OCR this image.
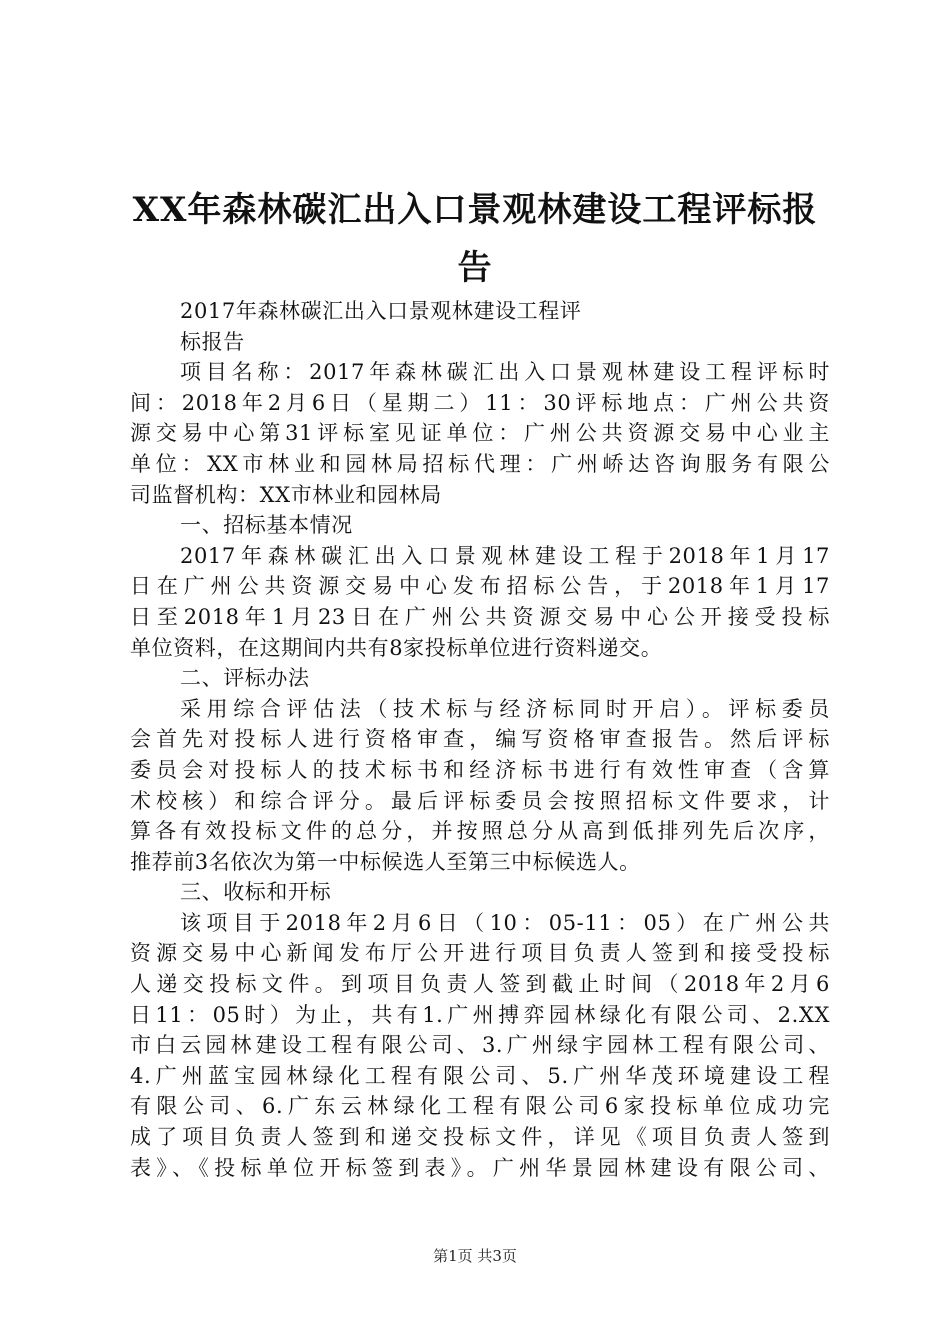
XX年森林碳汇出入口景观林建设工程评标报
告
2017年森林碳汇出入口景观林建设工程评
标报告
项目名称：2017年森林碳汇出入口景观林建设工程评标时
间：2018年2月6日（星期二）11：30评标地点：广州公共资
源交易中心第31评标室见证单位：广州公共资源交易中心业主
单位：XX市林业和园林局招标代理：广州峤达咨询服务有限公
司监督机构：XX市林业和园林局
一、招标基本情况
2017年森林碳汇出入口景观林建设工程于2018年1月17
日在广州公共资源交易中心发布招标公告，于2018年1月17
日至2018年1月23日在广州公共资源交易中心公开接受投标
单位资料，在这期间内共有8家投标单位进行资料递交。
二、评标办法
采用综合评估法（技术标与经济标同时开启）。评标委员
会首先对投标人进行资格审查，编写资格审查报告。然后评标
委员会对投标人的技术标书和经济标书进行有效性审查（含算
术校核）和综合评分。最后评标委员会按照招标文件要求，计
算各有效投标文件的总分，并按照总分从高到低排列先后次序，
推荐前3名依次为第一中标候选人至第三中标候选人。
三、收标和开标
该项目于2018年2月6日（10：05-11：05）在广州公共
资源交易中心新闻发布厅公开进行项目负责人签到和接受投标
人递交投标文件。到项目负责人签到截止时间（2018年2月6
日11：05时）为止，共有1.广州搏弈园林绿化有限公司、2.XX
市白云园林建设工程有限公司、3.广州绿宇园林工程有限公司、
4.广州蓝宝园林绿化工程有限公司、5.广州华茂环境建设工程
有限公司、6.广东云林绿化工程有限公司6家投标单位成功完
成了项目负责人签到和递交投标文件，详见《项目负责人签到
表》、《投标单位开标签到表》。广州华景园林建设有限公司、
第1页 共3页
